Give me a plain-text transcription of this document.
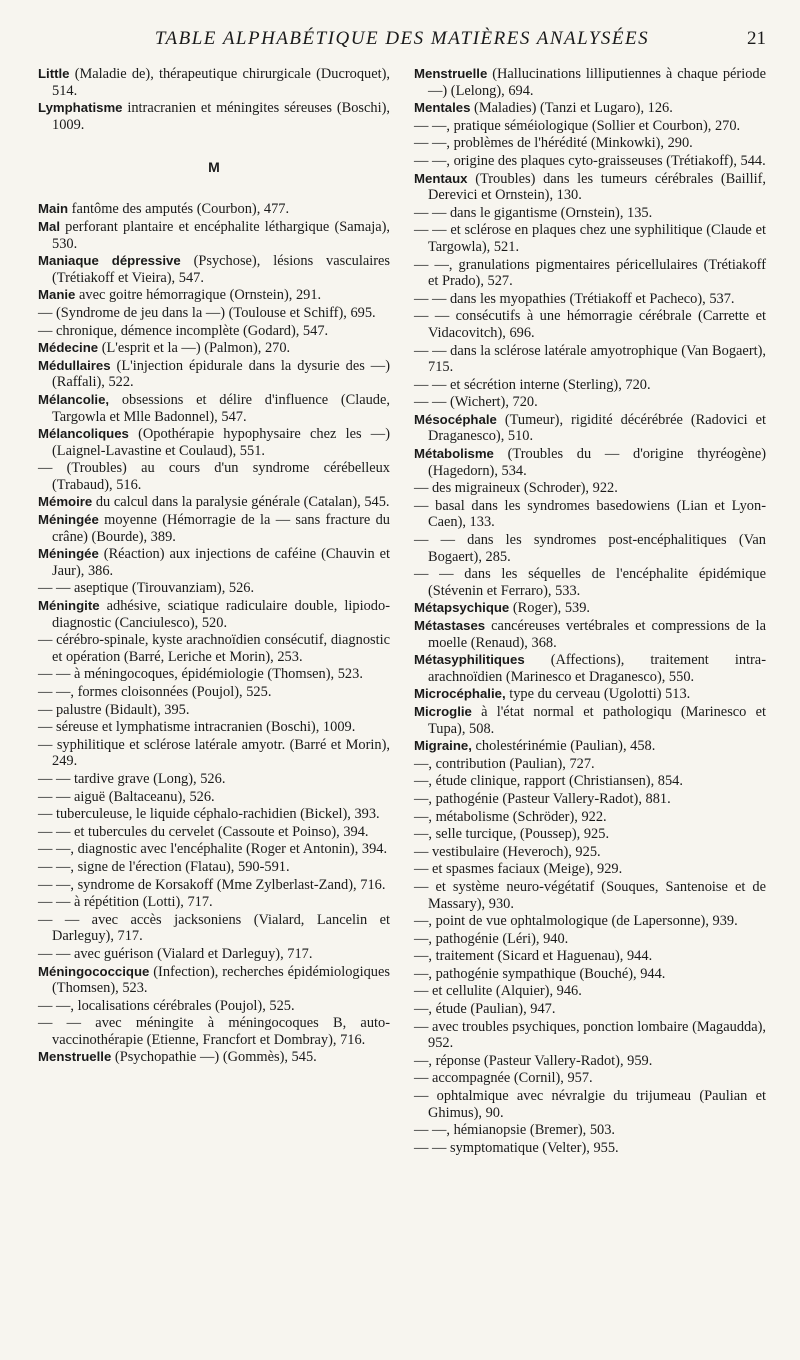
TABLE ALPHABÉTIQUE DES MATIÈRES ANALYSÉES	21
Little (Maladie de), thérapeutique chirurgicale (Ducroquet), 514.
Lymphatisme intracranien et méningites séreuses (Boschi), 1009.
M
Main fantôme des amputés (Courbon), 477.
Mal perforant plantaire et encéphalite léthargique (Samaja), 530.
Maniaque dépressive (Psychose), lésions vasculaires (Trétiakoff et Vieira), 547.
Manie avec goitre hémorragique (Ornstein), 291.
— (Syndrome de jeu dans la —) (Toulouse et Schiff), 695.
— chronique, démence incomplète (Godard), 547.
Médecine (L'esprit et la —) (Palmon), 270.
Médullaires (L'injection épidurale dans la dysurie des —) (Raffali), 522.
Mélancolie, obsessions et délire d'influence (Claude, Targowla et Mlle Badonnel), 547.
Mélancoliques (Opothérapie hypophysaire chez les —) (Laignel-Lavastine et Coulaud), 551.
— (Troubles) au cours d'un syndrome cérébelleux (Trabaud), 516.
Mémoire du calcul dans la paralysie générale (Catalan), 545.
Méningée moyenne (Hémorragie de la — sans fracture du crâne) (Bourde), 389.
Méningée (Réaction) aux injections de caféine (Chauvin et Jaur), 386.
— — aseptique (Tirouvanziam), 526.
Méningite adhésive, sciatique radiculaire double, lipiodo-diagnostic (Canciulesco), 520.
— cérébro-spinale, kyste arachnoïdien consécutif, diagnostic et opération (Barré, Leriche et Morin), 253.
— — à méningocoques, épidémiologie (Thomsen), 523.
— —, formes cloisonnées (Poujol), 525.
— palustre (Bidault), 395.
— séreuse et lymphatisme intracranien (Boschi), 1009.
— syphilitique et sclérose latérale amyotr. (Barré et Morin), 249.
— — tardive grave (Long), 526.
— — aiguë (Baltaceanu), 526.
— tuberculeuse, le liquide céphalo-rachidien (Bickel), 393.
— — et tubercules du cervelet (Cassoute et Poinso), 394.
— —, diagnostic avec l'encéphalite (Roger et Antonin), 394.
— —, signe de l'érection (Flatau), 590-591.
— —, syndrome de Korsakoff (Mme Zylberlast-Zand), 716.
— — à répétition (Lotti), 717.
— — avec accès jacksoniens (Vialard, Lancelin et Darleguy), 717.
— — avec guérison (Vialard et Darleguy), 717.
Méningococcique (Infection), recherches épidémiologiques (Thomsen), 523.
— —, localisations cérébrales (Poujol), 525.
— — avec méningite à méningocoques B, auto-vaccinothérapie (Etienne, Francfort et Dombray), 716.
Menstruelle (Psychopathie —) (Gommès), 545.
Menstruelle (Hallucinations lilliputiennes à chaque période —) (Lelong), 694.
Mentales (Maladies) (Tanzi et Lugaro), 126.
— —, pratique séméiologique (Sollier et Courbon), 270.
— —, problèmes de l'hérédité (Minkowki), 290.
— —, origine des plaques cyto-graisseuses (Trétiakoff), 544.
Mentaux (Troubles) dans les tumeurs cérébrales (Baillif, Derevici et Ornstein), 130.
— — dans le gigantisme (Ornstein), 135.
— — et sclérose en plaques chez une syphilitique (Claude et Targowla), 521.
— —, granulations pigmentaires péricellulaires (Trétiakoff et Prado), 527.
— — dans les myopathies (Trétiakoff et Pacheco), 537.
— — consécutifs à une hémorragie cérébrale (Carrette et Vidacovitch), 696.
— — dans la sclérose latérale amyotrophique (Van Bogaert), 715.
— — et sécrétion interne (Sterling), 720.
— — (Wichert), 720.
Mésocéphale (Tumeur), rigidité décérébrée (Radovici et Draganesco), 510.
Métabolisme (Troubles du — d'origine thyréogène) (Hagedorn), 534.
— des migraineux (Schroder), 922.
— basal dans les syndromes basedowiens (Lian et Lyon-Caen), 133.
— — dans les syndromes post-encéphalitiques (Van Bogaert), 285.
— — dans les séquelles de l'encéphalite épidémique (Stévenin et Ferraro), 533.
Métapsychique (Roger), 539.
Métastases cancéreuses vertébrales et compressions de la moelle (Renaud), 368.
Métasyphilitiques (Affections), traitement intra-arachnoïdien (Marinesco et Draganesco), 550.
Microcéphalie, type du cerveau (Ugolotti) 513.
Microglie à l'état normal et pathologiqu (Marinesco et Tupa), 508.
Migraine, cholestérinémie (Paulian), 458.
—, contribution (Paulian), 727.
—, étude clinique, rapport (Christiansen), 854.
—, pathogénie (Pasteur Vallery-Radot), 881.
—, métabolisme (Schröder), 922.
—, selle turcique, (Poussep), 925.
— vestibulaire (Heveroch), 925.
— et spasmes faciaux (Meige), 929.
— et système neuro-végétatif (Souques, Santenoise et de Massary), 930.
—, point de vue ophtalmologique (de Lapersonne), 939.
—, pathogénie (Léri), 940.
—, traitement (Sicard et Haguenau), 944.
—, pathogénie sympathique (Bouché), 944.
— et cellulite (Alquier), 946.
—, étude (Paulian), 947.
— avec troubles psychiques, ponction lombaire (Magaudda), 952.
—, réponse (Pasteur Vallery-Radot), 959.
— accompagnée (Cornil), 957.
— ophtalmique avec névralgie du trijumeau (Paulian et Ghimus), 90.
— —, hémianopsie (Bremer), 503.
— — symptomatique (Velter), 955.
